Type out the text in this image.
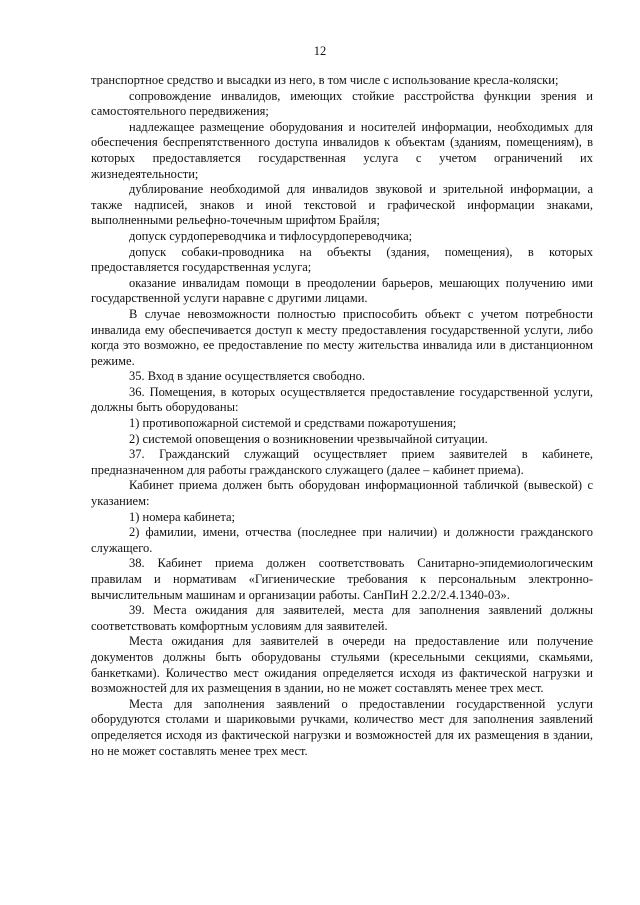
12

транспортное средство и высадки из него, в том числе с использование кресла-коляски;

сопровождение инвалидов, имеющих стойкие расстройства функции зрения и самостоятельного передвижения;

надлежащее размещение оборудования и носителей информации, необходимых для обеспечения беспрепятственного доступа инвалидов к объектам (зданиям, помещениям), в которых предоставляется государственная услуга с учетом ограничений их жизнедеятельности;

дублирование необходимой для инвалидов звуковой и зрительной информации, а также надписей, знаков и иной текстовой и графической информации знаками, выполненными рельефно-точечным шрифтом Брайля;

допуск сурдопереводчика и тифлосурдопереводчика;

допуск собаки-проводника на объекты (здания, помещения), в которых предоставляется государственная услуга;

оказание инвалидам помощи в преодолении барьеров, мешающих получению ими государственной услуги наравне с другими лицами.

В случае невозможности полностью приспособить объект с учетом потребности инвалида ему обеспечивается доступ к месту предоставления государственной услуги, либо когда это возможно, ее предоставление по месту жительства инвалида или в дистанционном режиме.

35. Вход в здание осуществляется свободно.

36. Помещения, в которых осуществляется предоставление государственной услуги, должны быть оборудованы:

1) противопожарной системой и средствами пожаротушения;

2) системой оповещения о возникновении чрезвычайной ситуации.

37. Гражданский служащий осуществляет прием заявителей в кабинете, предназначенном для работы гражданского служащего (далее – кабинет приема).

Кабинет приема должен быть оборудован информационной табличкой (вывеской) с указанием:

1) номера кабинета;

2) фамилии, имени, отчества (последнее при наличии) и должности гражданского служащего.

38. Кабинет приема должен соответствовать Санитарно-эпидемиологическим правилам и нормативам «Гигиенические требования к персональным электронно-вычислительным машинам и организации работы. СанПиН 2.2.2/2.4.1340-03».

39. Места ожидания для заявителей, места для заполнения заявлений должны соответствовать комфортным условиям для заявителей.

Места ожидания для заявителей в очереди на предоставление или получение документов должны быть оборудованы стульями (кресельными секциями, скамьями, банкетками). Количество мест ожидания определяется исходя из фактической нагрузки и возможностей для их размещения в здании, но не может составлять менее трех мест.

Места для заполнения заявлений о предоставлении государственной услуги оборудуются столами и шариковыми ручками, количество мест для заполнения заявлений определяется исходя из фактической нагрузки и возможностей для их размещения в здании, но не может составлять менее трех мест.
